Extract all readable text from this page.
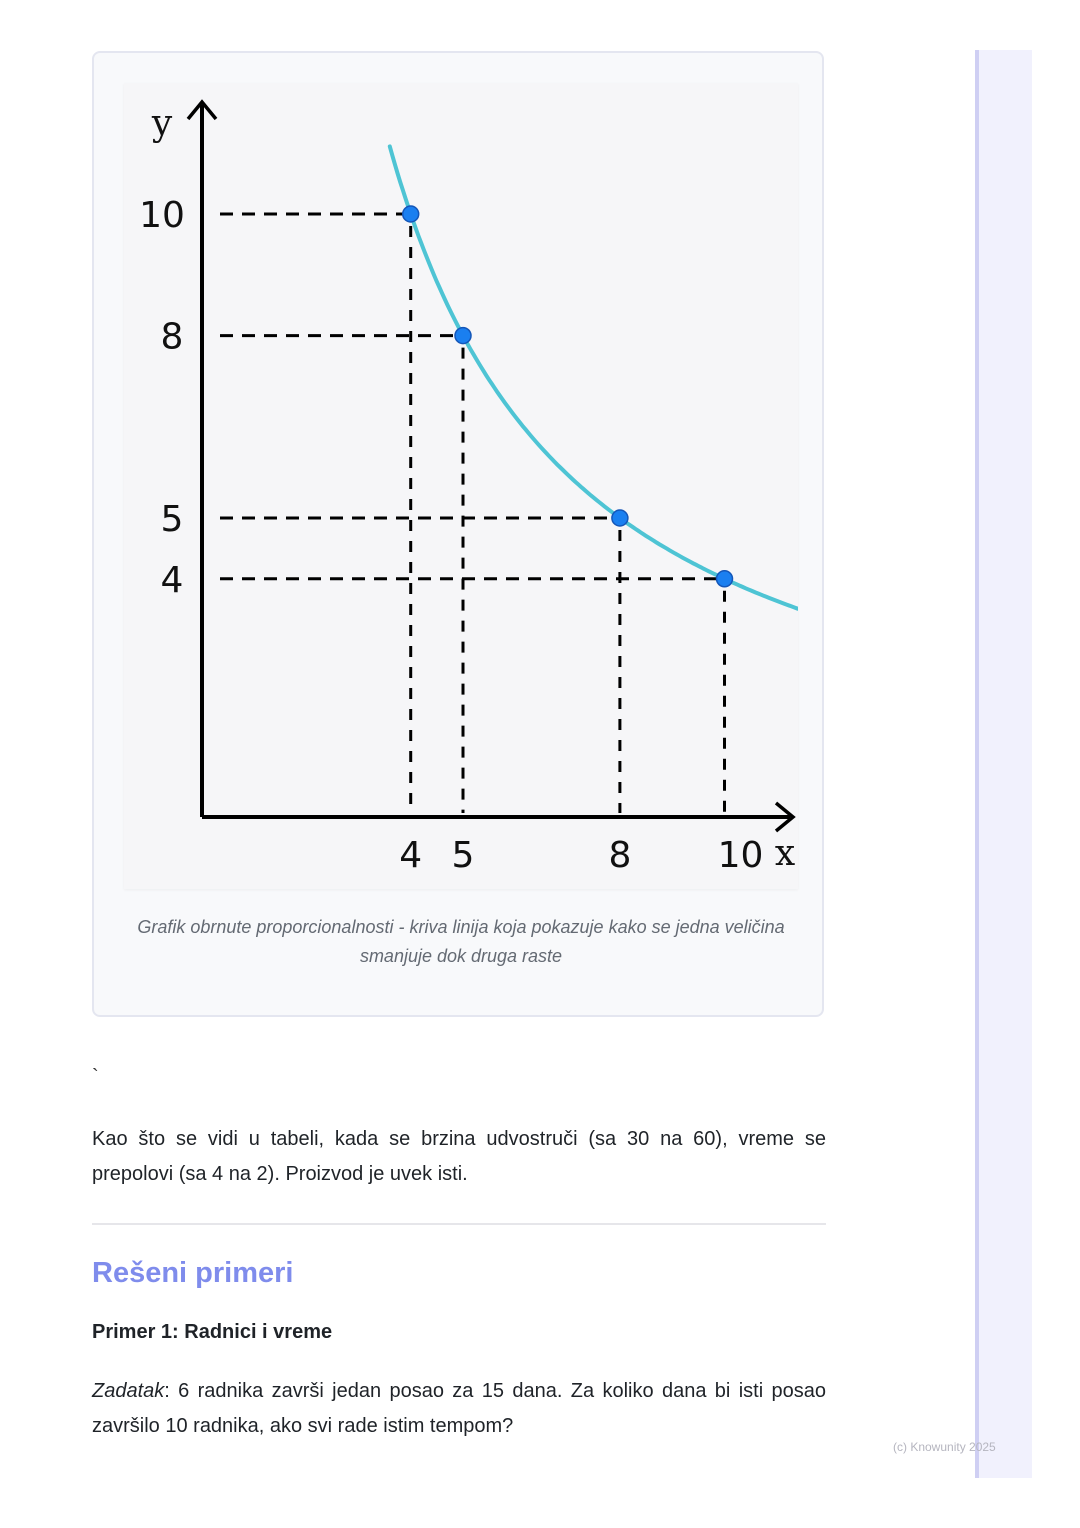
10
8
5
4
4 5	8 10 x
y
Grafik obrnute proporcionalnosti - kriva linija koja pokazuje kako se jedna veličina smanjuje dok druga raste
`

Kao što se vidi u tabeli, kada se brzina udvostruči (sa 30 na 60), vreme se prepolovi (sa 4 na 2). Proizvod je uvek isti.

Rešeni primeri
Primer 1: Radnici i vreme

Zadatak: 6 radnika završi jedan posao za 15 dana. Za koliko dana bi isti posao završilo 10 radnika, ako svi rade istim tempom?

(c) Knowunity 2025
